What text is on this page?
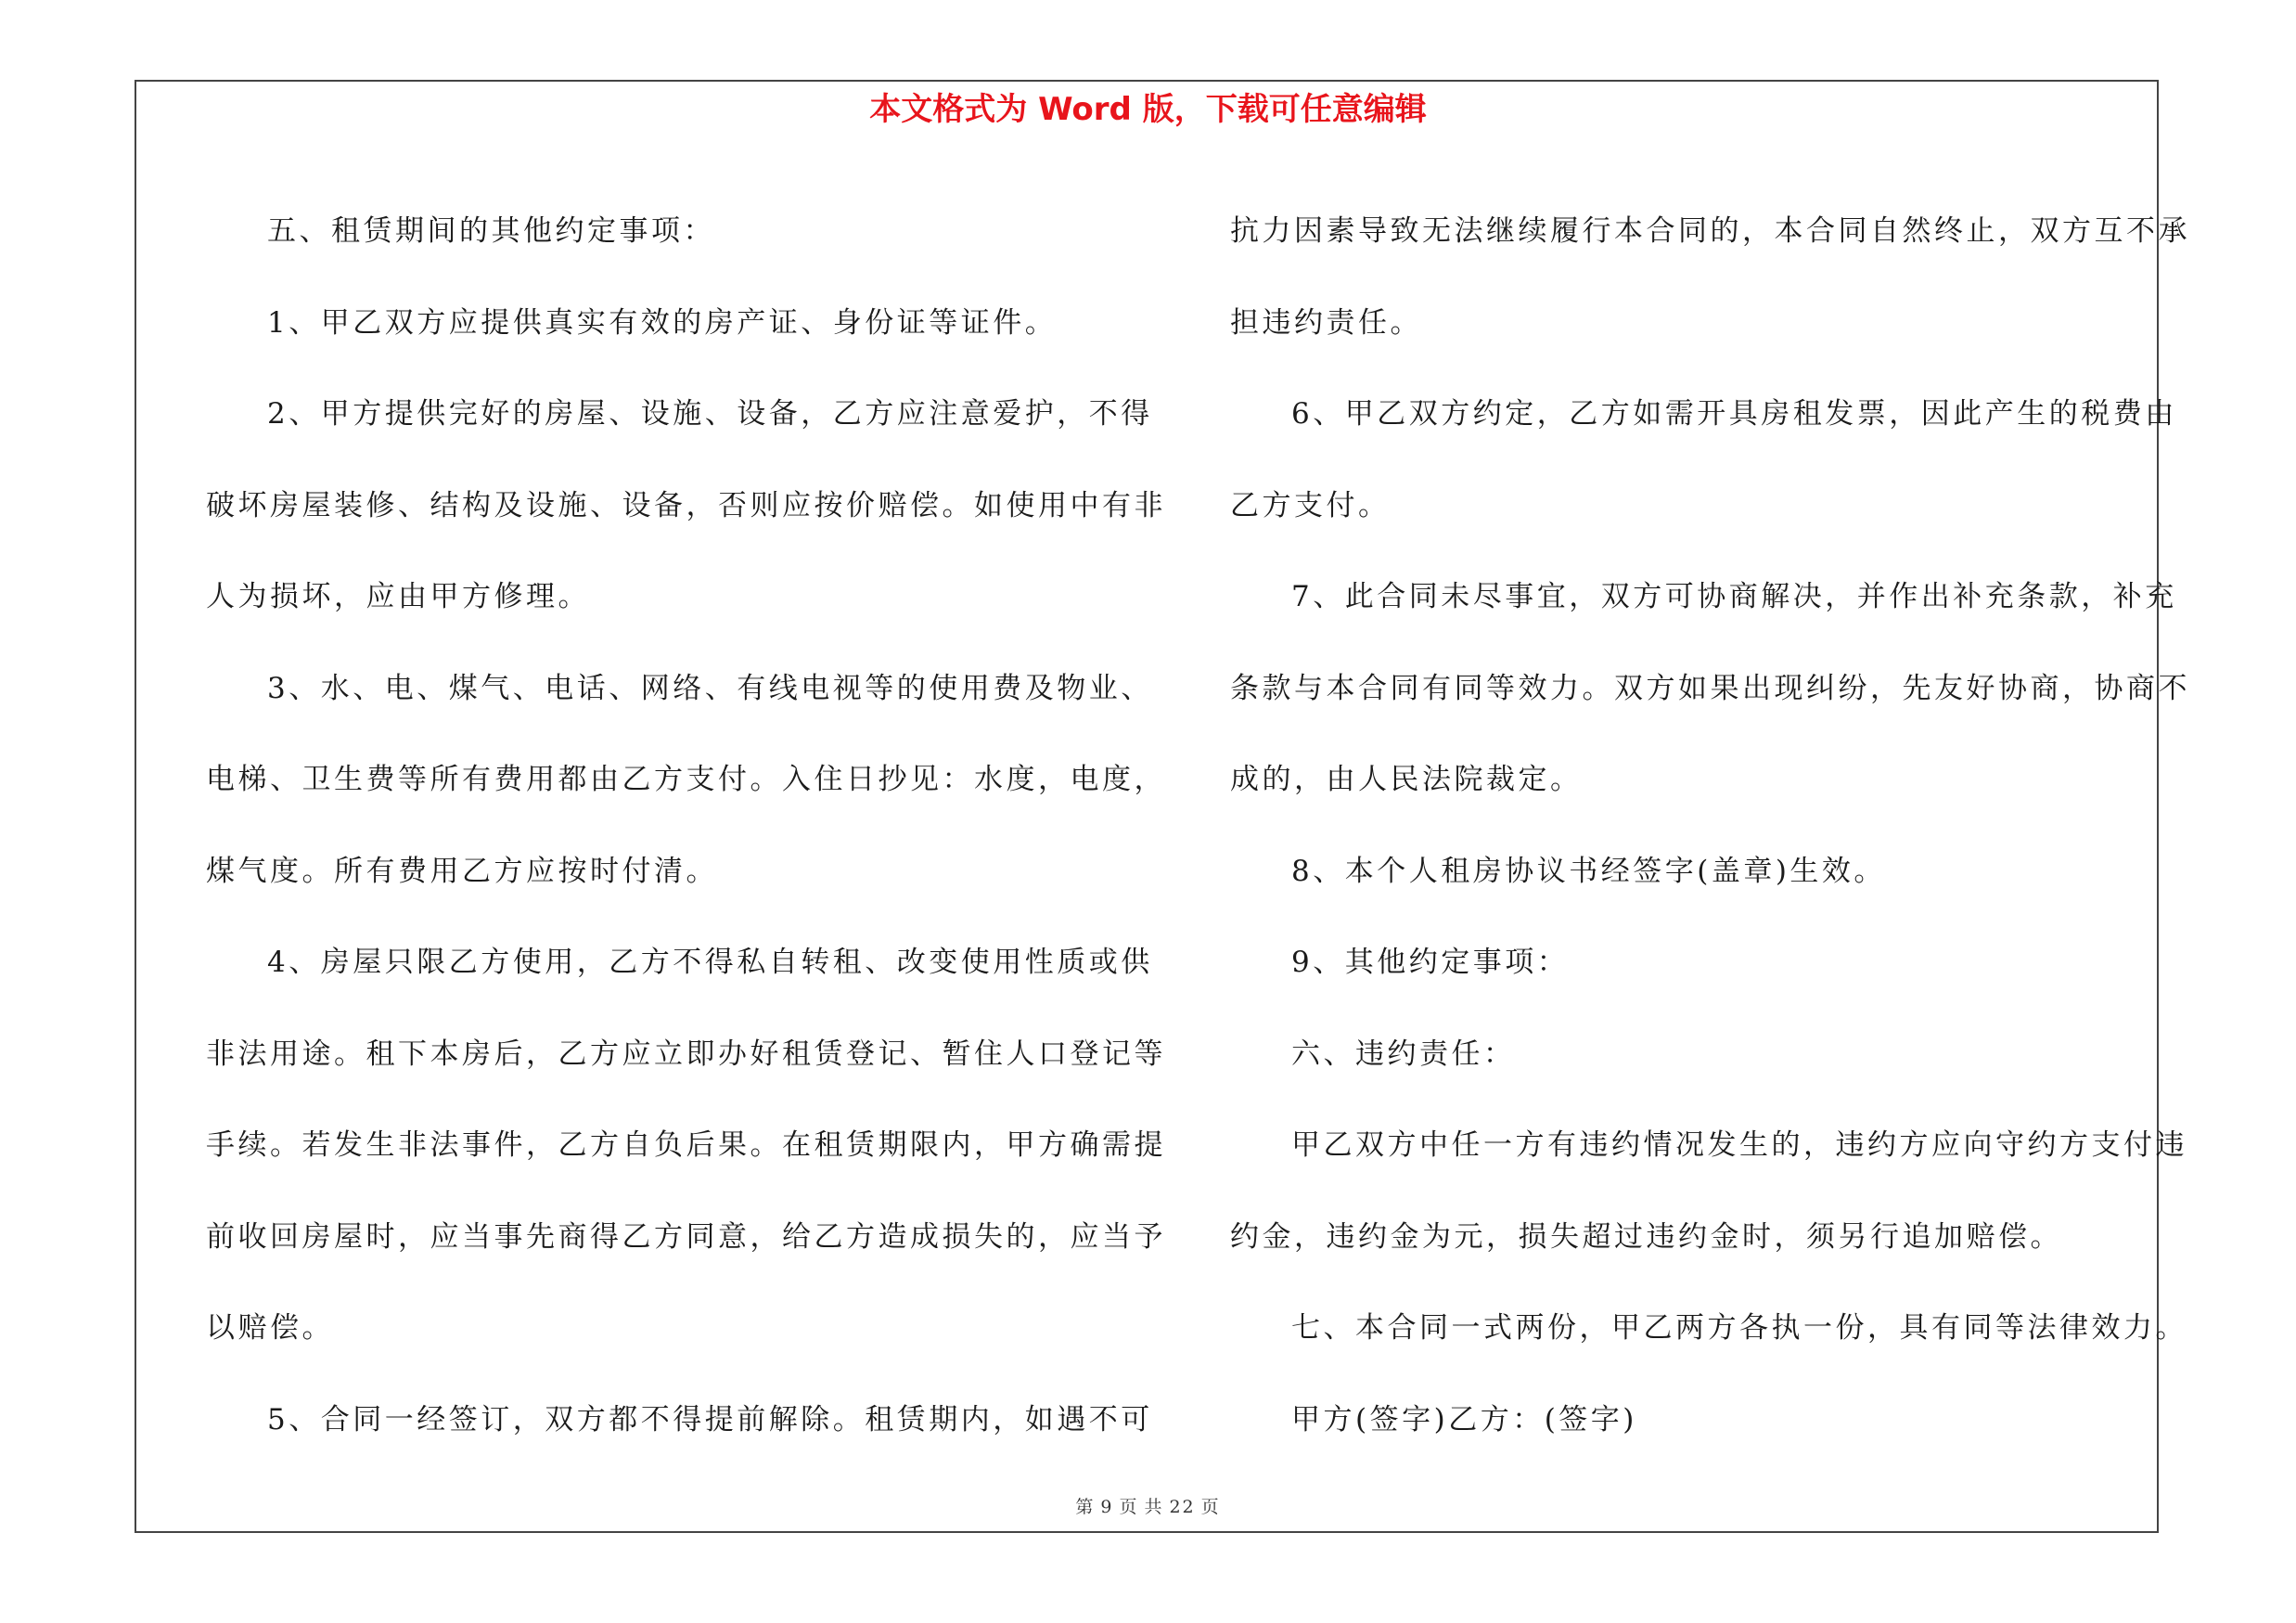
本文格式为 Word 版，下载可任意编辑
五、租赁期间的其他约定事项：
1、甲乙双方应提供真实有效的房产证、身份证等证件。
2、甲方提供完好的房屋、设施、设备，乙方应注意爱护，不得
破坏房屋装修、结构及设施、设备，否则应按价赔偿。如使用中有非
人为损坏，应由甲方修理。
3、水、电、煤气、电话、网络、有线电视等的使用费及物业、
电梯、卫生费等所有费用都由乙方支付。入住日抄见：水度，电度，
煤气度。所有费用乙方应按时付清。
4、房屋只限乙方使用，乙方不得私自转租、改变使用性质或供
非法用途。租下本房后，乙方应立即办好租赁登记、暂住人口登记等
手续。若发生非法事件，乙方自负后果。在租赁期限内，甲方确需提
前收回房屋时，应当事先商得乙方同意，给乙方造成损失的，应当予
以赔偿。
5、合同一经签订，双方都不得提前解除。租赁期内，如遇不可
抗力因素导致无法继续履行本合同的，本合同自然终止，双方互不承
担违约责任。
6、甲乙双方约定，乙方如需开具房租发票，因此产生的税费由
乙方支付。
7、此合同未尽事宜，双方可协商解决，并作出补充条款，补充
条款与本合同有同等效力。双方如果出现纠纷，先友好协商，协商不
成的，由人民法院裁定。
8、本个人租房协议书经签字(盖章)生效。
9、其他约定事项：
六、违约责任：
甲乙双方中任一方有违约情况发生的，违约方应向守约方支付违
约金，违约金为元，损失超过违约金时，须另行追加赔偿。
七、本合同一式两份，甲乙两方各执一份，具有同等法律效力。
甲方(签字)乙方：(签字)
第 9 页 共 22 页
